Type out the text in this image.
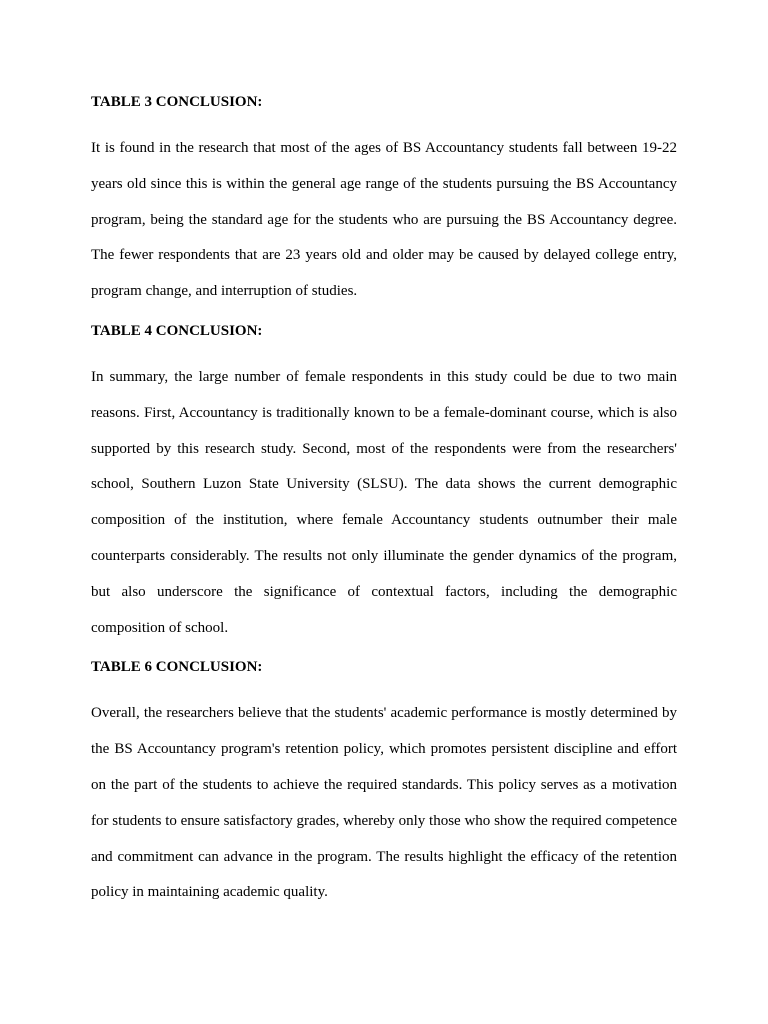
TABLE 3 CONCLUSION:

It is found in the research that most of the ages of BS Accountancy students fall between 19-22 years old since this is within the general age range of the students pursuing the BS Accountancy program, being the standard age for the students who are pursuing the BS Accountancy degree. The fewer respondents that are 23 years old and older may be caused by delayed college entry, program change, and interruption of studies.

TABLE 4 CONCLUSION:

In summary, the large number of female respondents in this study could be due to two main reasons. First, Accountancy is traditionally known to be a female-dominant course, which is also supported by this research study. Second, most of the respondents were from the researchers' school, Southern Luzon State University (SLSU). The data shows the current demographic composition of the institution, where female Accountancy students outnumber their male counterparts considerably. The results not only illuminate the gender dynamics of the program, but also underscore the significance of contextual factors, including the demographic composition of school.

TABLE 6 CONCLUSION:

Overall, the researchers believe that the students' academic performance is mostly determined by the BS Accountancy program's retention policy, which promotes persistent discipline and effort on the part of the students to achieve the required standards. This policy serves as a motivation for students to ensure satisfactory grades, whereby only those who show the required competence and commitment can advance in the program. The results highlight the efficacy of the retention policy in maintaining academic quality.
